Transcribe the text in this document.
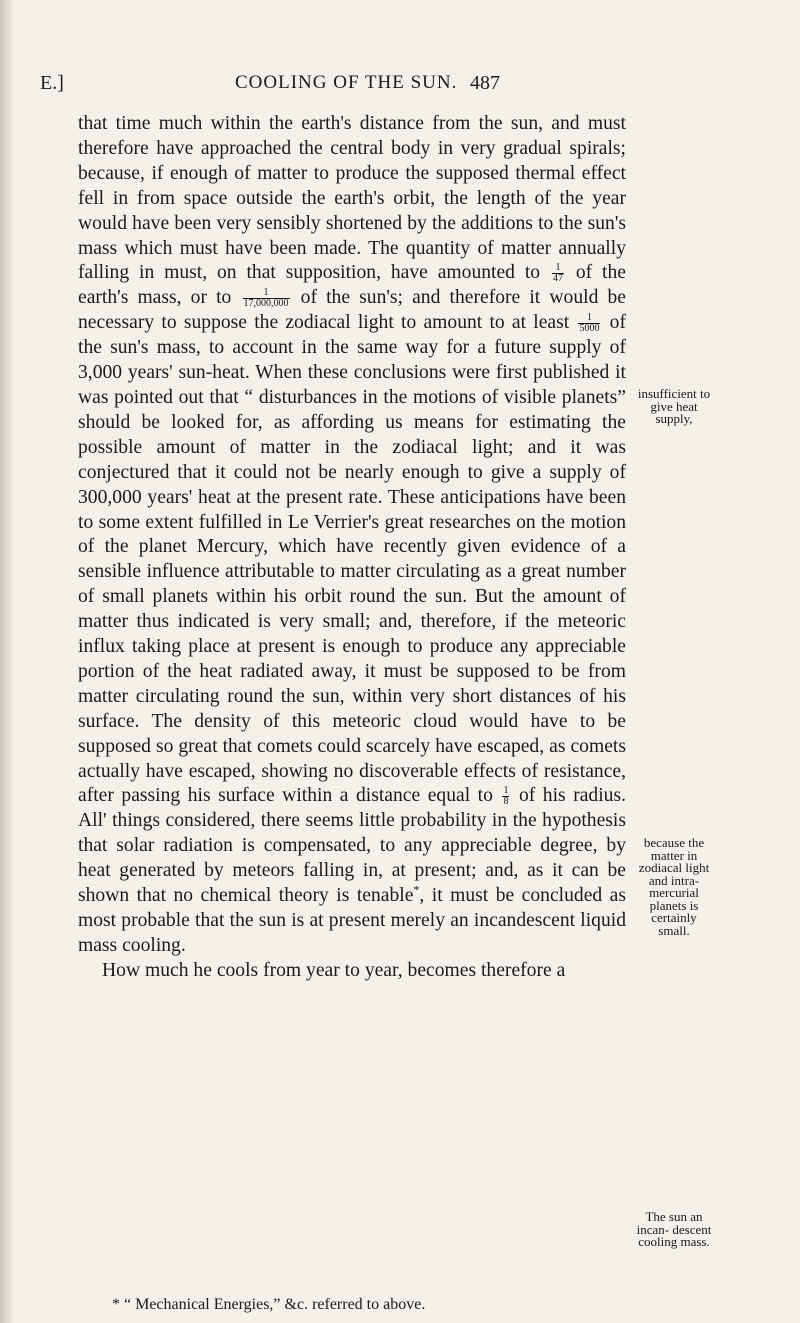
E.]	COOLING OF THE SUN. 487

that time much within the earth's distance from the sun, and must therefore have approached the central body in very gradual spirals; because, if enough of matter to produce the supposed thermal effect fell in from space outside the earth's orbit, the length of the year would have been very sensibly shortened by the additions to the sun's mass which must have been made. The quantity of matter annually falling in must, on that supposition, have amounted to $\frac{1}{47}$ of the earth's mass, or to $\frac{1}{17,000,000}$ of the sun's; and therefore it would be necessary to suppose the zodiacal light to amount to at least $\frac{1}{5000}$ of the sun's mass, to account in the same way for a future supply of 3,000 years' sun-heat. When these conclusions were first published it was pointed out that “ disturbances in the motions of visible planets” should be looked for, as affording us means for estimating the possible amount of matter in the zodiacal light; and it was conjectured that it could not be nearly enough to give a supply of 300,000 years' heat at the present rate. These anticipations have been to some extent fulfilled in Le Verrier's great researches on the motion of the planet Mercury, which have recently given evidence of a sensible influence attributable to matter circulating as a great number of small planets within his orbit round the sun. But the amount of matter thus indicated is very small; and, therefore, if the meteoric influx taking place at present is enough to produce any appreciable portion of the heat radiated away, it must be supposed to be from matter circulating round the sun, within very short distances of his surface. The density of this meteoric cloud would have to be supposed so great that comets could scarcely have escaped, as comets actually have escaped, showing no discoverable effects of resistance, after passing his surface within a distance equal to $\frac{1}{8}$ of his radius. All' things considered, there seems little probability in the hypothesis that solar radiation is compensated, to any appreciable degree, by heat generated by meteors falling in, at present; and, as it can be shown that no chemical theory is tenable*, it must be concluded as most probable that the sun is at present merely an incandescent liquid mass cooling.

How much he cools from year to year, becomes therefore a

insufficient to give heat supply,
because the matter in zodiacal light and intra-mercurial planets is certainly small.
The sun an incan- descent cooling mass.
* “ Mechanical Energies,” &c. referred to above.
